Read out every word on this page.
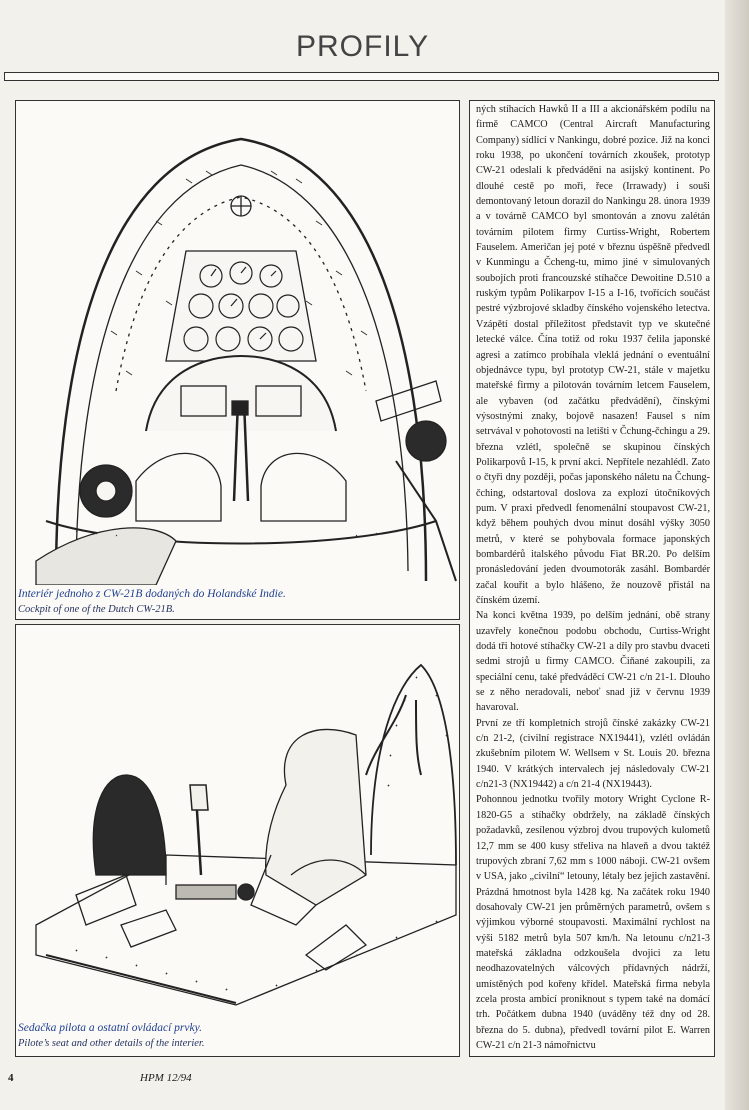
PROFILY
Interiér jednoho z CW-21B dodaných do Holandské Indie.
Cockpit of one of the Dutch CW-21B.
Sedačka pilota a ostatní ovládací prvky.
Pilote’s seat and other details of the interier.

ných stíhacích Hawků II a III a akcionářském podílu na firmě CAMCO (Central Aircraft Manufacturing Company) sídlící v Nankingu, dobré pozice. Již na konci roku 1938, po ukončení továrních zkoušek, prototyp CW-21 odeslali k předváděni na asijský kontinent. Po dlouhé cestě po moři, řece (Irrawady) i souši demontovaný letoun dorazil do Nankingu 28. února 1939 a v továrně CAMCO byl smontován a znovu zalétán továrním pilotem firmy Curtiss-Wright, Robertem Fauselem. Američan jej poté v březnu úspěšně předvedl v Kunmingu a Čcheng-tu, mimo jiné v simulovaných soubojích proti francouzské stíhačce Dewoitine D.510 a ruským typům Polikarpov I-15 a I-16, tvořících součást pestré výzbrojové skladby čínského vojenského letectva. Vzápětí dostal příležitost představit typ ve skutečné letecké válce. Čína totiž od roku 1937 čelila japonské agresi a zatímco probíhala vleklá jednání o eventuální objednávce typu, byl prototyp CW-21, stále v majetku mateřské firmy a pilotován továrním letcem Fauselem, ale vybaven (od začátku předvádění), čínskými výsostnými znaky, bojově nasazen! Fausel s ním setrvával v pohotovosti na letišti v Čchung-čchingu a 29. března vzlétl, společně se skupinou čínských Polikarpovů I-15, k první akci. Nepřítele nezahlédl. Zato o čtyři dny později, počas japonského náletu na Čchung-čching, odstartoval doslova za explozí útočníkových pum. V praxi předvedl fenomenální stoupavost CW-21, když během pouhých dvou minut dosáhl výšky 3050 metrů, v které se pohybovala formace japonských bombardérů italského původu Fiat BR.20. Po delším pronásledování jeden dvoumotorák zasáhl. Bombardér začal kouřit a bylo hlášeno, že nouzově přistál na čínském území.

Na konci května 1939, po delším jednání, obě strany uzavřely konečnou podobu obchodu, Curtiss-Wright dodá tři hotové stíhačky CW-21 a díly pro stavbu dvaceti sedmi strojů u firmy CAMCO. Čiňané zakoupili, za speciální cenu, také předváděcí CW-21 c/n 21-1. Dlouho se z něho neradovali, neboť snad již v červnu 1939 havaroval.

První ze tří kompletních strojů čínské zakázky CW-21 c/n 21-2, (civilní registrace NX19441), vzlétl ovládán zkušebním pilotem W. Wellsem v St. Louis 20. března 1940. V krátkých intervalech jej následovaly CW-21 c/n21-3 (NX19442) a c/n 21-4 (NX19443).

Pohonnou jednotku tvořily motory Wright Cyclone R-1820-G5 a stíhačky obdržely, na základě čínských požadavků, zesílenou výzbroj dvou trupových kulometů 12,7 mm se 400 kusy střeliva na hlaveň a dvou taktéž trupových zbraní 7,62 mm s 1000 náboji. CW-21 ovšem v USA, jako „civilní“ letouny, létaly bez jejich zastavění. Prázdná hmotnost byla 1428 kg. Na začátek roku 1940 dosahovaly CW-21 jen průměrných parametrů, ovšem s výjimkou výborné stoupavosti. Maximální rychlost na výši 5182 metrů byla 507 km/h. Na letounu c/n21-3 mateřská základna odzkoušela dvojici za letu neodhazovatelných válcových přídavných nádrží, umístěných pod kořeny křídel. Mateřská firma nebyla zcela prosta ambicí proniknout s typem také na domácí trh. Počátkem dubna 1940 (uváděny též dny od 28. března do 5. dubna), předvedl tovární pilot E. Warren CW-21 c/n 21-3 námořnictvu

4	HPM 12/94
